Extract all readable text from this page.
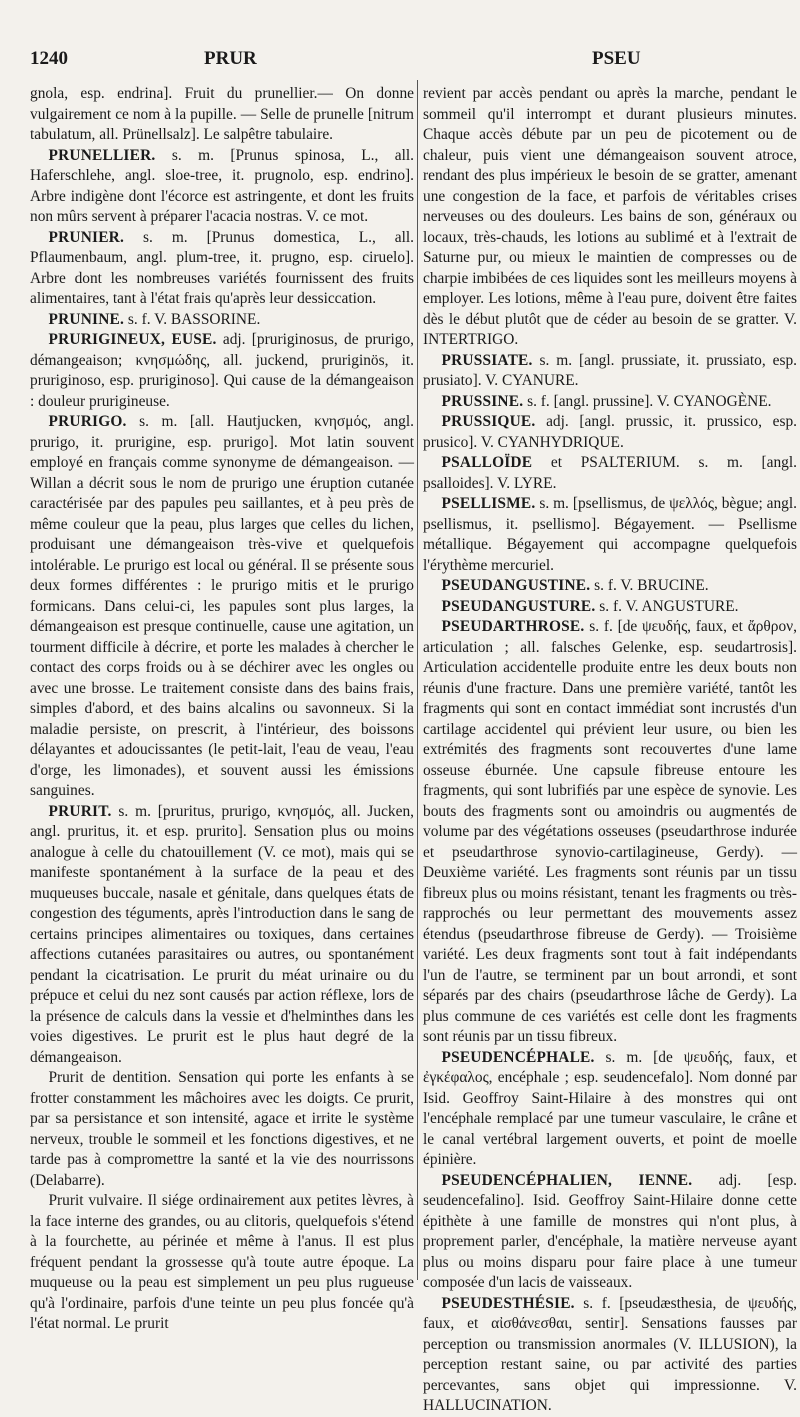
1240	PRUR	PSEU

gnola, esp. endrina]. Fruit du prunellier.— On donne vulgairement ce nom à la pupille. — Selle de prunelle [nitrum tabulatum, all. Prünellsalz]. Le salpêtre tabulaire.

PRUNELLIER. s. m. [Prunus spinosa, L., all. Haferschlehe, angl. sloe-tree, it. prugnolo, esp. endrino]. Arbre indigène dont l'écorce est astringente, et dont les fruits non mûrs servent à préparer l'acacia nostras. V. ce mot.

PRUNIER. s. m. [Prunus domestica, L., all. Pflaumenbaum, angl. plum-tree, it. prugno, esp. ciruelo]. Arbre dont les nombreuses variétés fournissent des fruits alimentaires, tant à l'état frais qu'après leur dessiccation.

PRUNINE. s. f. V. BASSORINE.

PRURIGINEUX, EUSE. adj. [pruriginosus, de prurigo, démangeaison; κνησμώδης, all. juckend, pruriginös, it. pruriginoso, esp. pruriginoso]. Qui cause de la démangeaison : douleur prurigineuse.

PRURIGO. s. m. [all. Hautjucken, κνησμός, angl. prurigo, it. prurigine, esp. prurigo]. Mot latin souvent employé en français comme synonyme de démangeaison. — Willan a décrit sous le nom de prurigo une éruption cutanée caractérisée par des papules peu saillantes, et à peu près de même couleur que la peau, plus larges que celles du lichen, produisant une démangeaison très-vive et quelquefois intolérable. Le prurigo est local ou général. Il se présente sous deux formes différentes : le prurigo mitis et le prurigo formicans. Dans celui-ci, les papules sont plus larges, la démangeaison est presque continuelle, cause une agitation, un tourment difficile à décrire, et porte les malades à chercher le contact des corps froids ou à se déchirer avec les ongles ou avec une brosse. Le traitement consiste dans des bains frais, simples d'abord, et des bains alcalins ou savonneux. Si la maladie persiste, on prescrit, à l'intérieur, des boissons délayantes et adoucissantes (le petit-lait, l'eau de veau, l'eau d'orge, les limonades), et souvent aussi les émissions sanguines.

PRURIT. s. m. [pruritus, prurigo, κνησμός, all. Jucken, angl. pruritus, it. et esp. prurito]. Sensation plus ou moins analogue à celle du chatouillement (V. ce mot), mais qui se manifeste spontanément à la surface de la peau et des muqueuses buccale, nasale et génitale, dans quelques états de congestion des téguments, après l'introduction dans le sang de certains principes alimentaires ou toxiques, dans certaines affections cutanées parasitaires ou autres, ou spontanément pendant la cicatrisation. Le prurit du méat urinaire ou du prépuce et celui du nez sont causés par action réflexe, lors de la présence de calculs dans la vessie et d'helminthes dans les voies digestives. Le prurit est le plus haut degré de la démangeaison.

Prurit de dentition. Sensation qui porte les enfants à se frotter constamment les mâchoires avec les doigts. Ce prurit, par sa persistance et son intensité, agace et irrite le système nerveux, trouble le sommeil et les fonctions digestives, et ne tarde pas à compromettre la santé et la vie des nourrissons (Delabarre).

Prurit vulvaire. Il siége ordinairement aux petites lèvres, à la face interne des grandes, ou au clitoris, quelquefois s'étend à la fourchette, au périnée et même à l'anus. Il est plus fréquent pendant la grossesse qu'à toute autre époque. La muqueuse ou la peau est simplement un peu plus rugueuse qu'à l'ordinaire, parfois d'une teinte un peu plus foncée qu'à l'état normal. Le prurit

revient par accès pendant ou après la marche, pendant le sommeil qu'il interrompt et durant plusieurs minutes. Chaque accès débute par un peu de picotement ou de chaleur, puis vient une démangeaison souvent atroce, rendant des plus impérieux le besoin de se gratter, amenant une congestion de la face, et parfois de véritables crises nerveuses ou des douleurs. Les bains de son, généraux ou locaux, très-chauds, les lotions au sublimé et à l'extrait de Saturne pur, ou mieux le maintien de compresses ou de charpie imbibées de ces liquides sont les meilleurs moyens à employer. Les lotions, même à l'eau pure, doivent être faites dès le début plutôt que de céder au besoin de se gratter. V. INTERTRIGO.

PRUSSIATE. s. m. [angl. prussiate, it. prussiato, esp. prusiato]. V. CYANURE.

PRUSSINE. s. f. [angl. prussine]. V. CYANOGÈNE.

PRUSSIQUE. adj. [angl. prussic, it. prussico, esp. prusico]. V. CYANHYDRIQUE.

PSALLOÏDE et PSALTERIUM. s. m. [angl. psalloides]. V. LYRE.

PSELLISME. s. m. [psellismus, de ψελλός, bègue; angl. psellismus, it. psellismo]. Bégayement. — Psellisme métallique. Bégayement qui accompagne quelquefois l'érythème mercuriel.

PSEUDANGUSTINE. s. f. V. BRUCINE.

PSEUDANGUSTURE. s. f. V. ANGUSTURE.

PSEUDARTHROSE. s. f. [de ψευδής, faux, et ἄρθρον, articulation ; all. falsches Gelenke, esp. seudartrosis]. Articulation accidentelle produite entre les deux bouts non réunis d'une fracture. Dans une première variété, tantôt les fragments qui sont en contact immédiat sont incrustés d'un cartilage accidentel qui prévient leur usure, ou bien les extrémités des fragments sont recouvertes d'une lame osseuse éburnée. Une capsule fibreuse entoure les fragments, qui sont lubrifiés par une espèce de synovie. Les bouts des fragments sont ou amoindris ou augmentés de volume par des végétations osseuses (pseudarthrose indurée et pseudarthrose synovio-cartilagineuse, Gerdy). — Deuxième variété. Les fragments sont réunis par un tissu fibreux plus ou moins résistant, tenant les fragments ou très-rapprochés ou leur permettant des mouvements assez étendus (pseudarthrose fibreuse de Gerdy). — Troisième variété. Les deux fragments sont tout à fait indépendants l'un de l'autre, se terminent par un bout arrondi, et sont séparés par des chairs (pseudarthrose lâche de Gerdy). La plus commune de ces variétés est celle dont les fragments sont réunis par un tissu fibreux.

PSEUDENCÉPHALE. s. m. [de ψευδής, faux, et ἐγκέφαλος, encéphale ; esp. seudencefalo]. Nom donné par Isid. Geoffroy Saint-Hilaire à des monstres qui ont l'encéphale remplacé par une tumeur vasculaire, le crâne et le canal vertébral largement ouverts, et point de moelle épinière.

PSEUDENCÉPHALIEN, IENNE. adj. [esp. seudencefalino]. Isid. Geoffroy Saint-Hilaire donne cette épithète à une famille de monstres qui n'ont plus, à proprement parler, d'encéphale, la matière nerveuse ayant plus ou moins disparu pour faire place à une tumeur composée d'un lacis de vaisseaux.

PSEUDESTHÉSIE. s. f. [pseudæsthesia, de ψευδής, faux, et αἰσθάνεσθαι, sentir]. Sensations fausses par perception ou transmission anormales (V. ILLUSION), la perception restant saine, ou par activité des parties percevantes, sans objet qui impressionne. V. HALLUCINATION.
